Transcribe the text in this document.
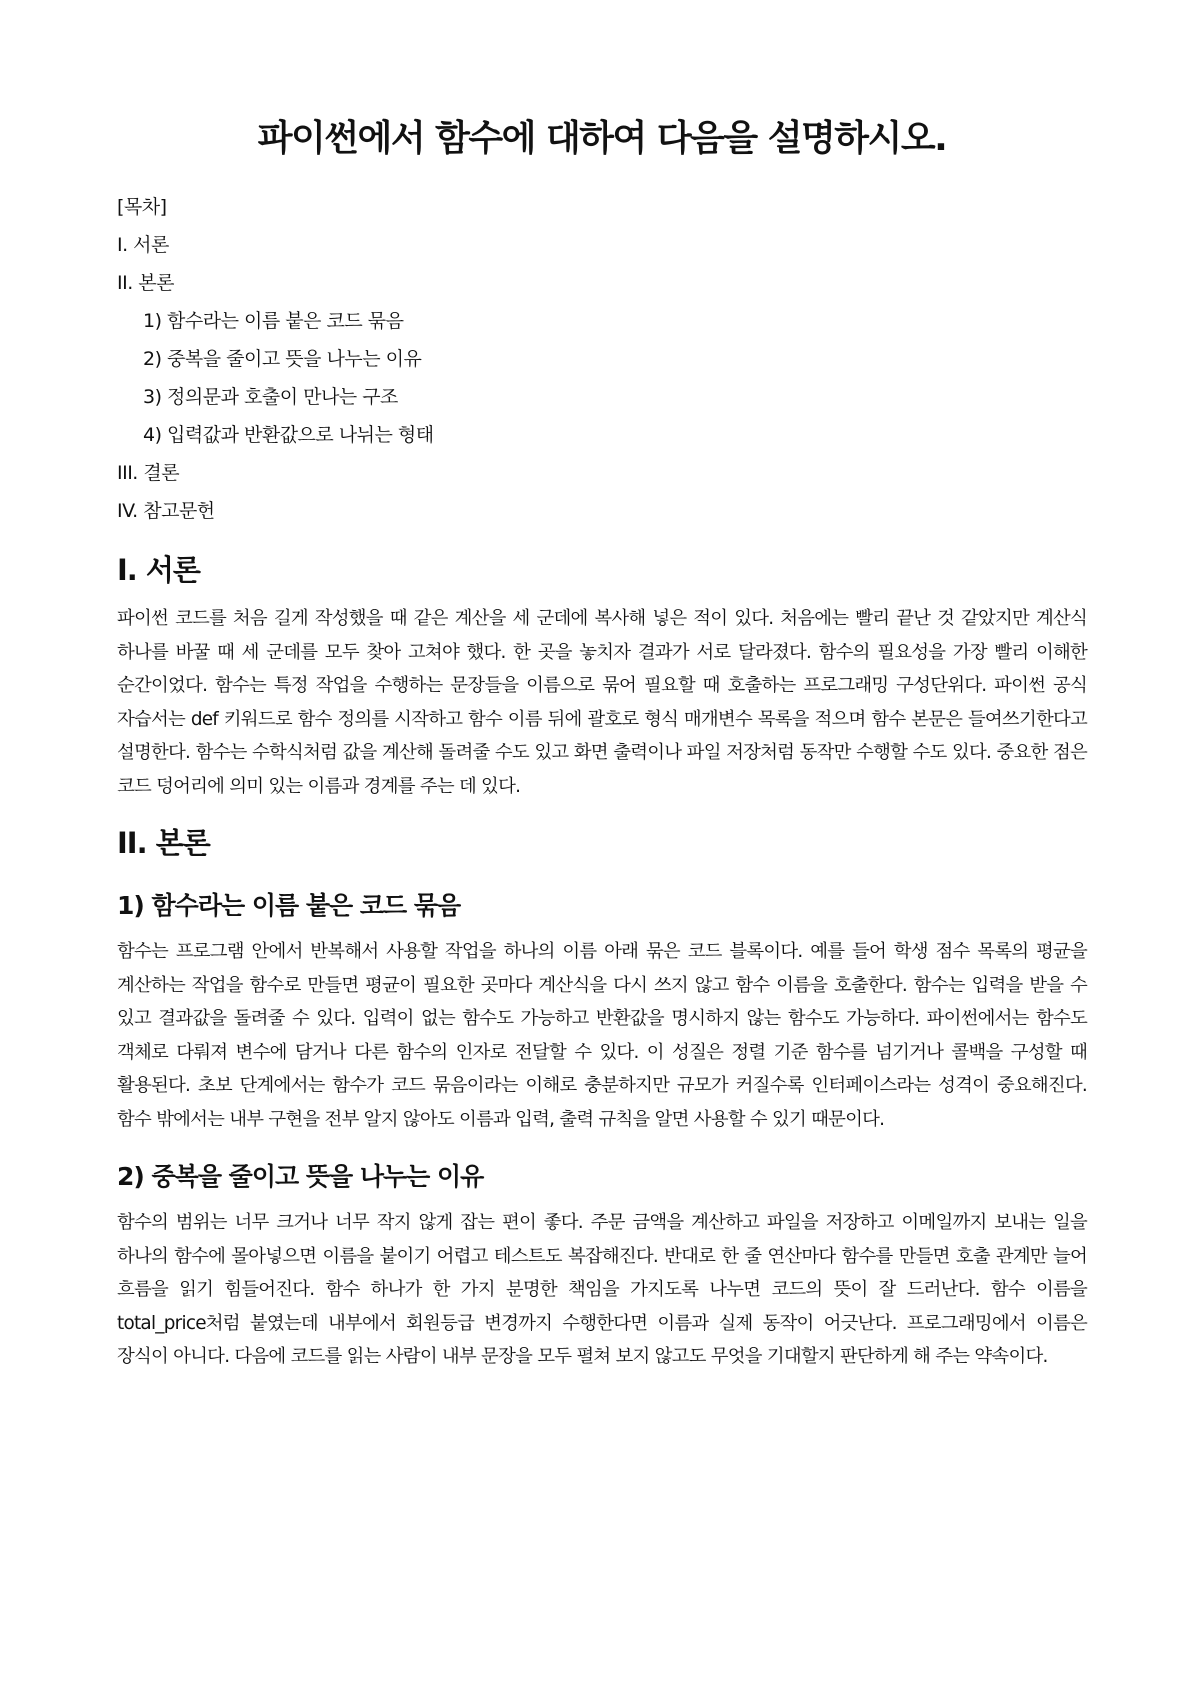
파이썬에서 함수에 대하여 다음을 설명하시오.
[목차]
I. 서론
II. 본론
1) 함수라는 이름 붙은 코드 묶음
2) 중복을 줄이고 뜻을 나누는 이유
3) 정의문과 호출이 만나는 구조
4) 입력값과 반환값으로 나뉘는 형태
III. 결론
IV. 참고문헌
I. 서론

파이썬 코드를 처음 길게 작성했을 때 같은 계산을 세 군데에 복사해 넣은 적이 있다. 처음에는 빨리 끝난 것 같았지만 계산식 하나를 바꿀 때 세 군데를 모두 찾아 고쳐야 했다. 한 곳을 놓치자 결과가 서로 달라졌다. 함수의 필요성을 가장 빨리 이해한 순간이었다. 함수는 특정 작업을 수행하는 문장들을 이름으로 묶어 필요할 때 호출하는 프로그래밍 구성단위다. 파이썬 공식 자습서는 def 키워드로 함수 정의를 시작하고 함수 이름 뒤에 괄호로 형식 매개변수 목록을 적으며 함수 본문은 들여쓰기한다고 설명한다. 함수는 수학식처럼 값을 계산해 돌려줄 수도 있고 화면 출력이나 파일 저장처럼 동작만 수행할 수도 있다. 중요한 점은 코드 덩어리에 의미 있는 이름과 경계를 주는 데 있다.

II. 본론
1) 함수라는 이름 붙은 코드 묶음

함수는 프로그램 안에서 반복해서 사용할 작업을 하나의 이름 아래 묶은 코드 블록이다. 예를 들어 학생 점수 목록의 평균을 계산하는 작업을 함수로 만들면 평균이 필요한 곳마다 계산식을 다시 쓰지 않고 함수 이름을 호출한다. 함수는 입력을 받을 수 있고 결과값을 돌려줄 수 있다. 입력이 없는 함수도 가능하고 반환값을 명시하지 않는 함수도 가능하다. 파이썬에서는 함수도 객체로 다뤄져 변수에 담거나 다른 함수의 인자로 전달할 수 있다. 이 성질은 정렬 기준 함수를 넘기거나 콜백을 구성할 때 활용된다. 초보 단계에서는 함수가 코드 묶음이라는 이해로 충분하지만 규모가 커질수록 인터페이스라는 성격이 중요해진다. 함수 밖에서는 내부 구현을 전부 알지 않아도 이름과 입력, 출력 규칙을 알면 사용할 수 있기 때문이다.

2) 중복을 줄이고 뜻을 나누는 이유

함수의 범위는 너무 크거나 너무 작지 않게 잡는 편이 좋다. 주문 금액을 계산하고 파일을 저장하고 이메일까지 보내는 일을 하나의 함수에 몰아넣으면 이름을 붙이기 어렵고 테스트도 복잡해진다. 반대로 한 줄 연산마다 함수를 만들면 호출 관계만 늘어 흐름을 읽기 힘들어진다. 함수 하나가 한 가지 분명한 책임을 가지도록 나누면 코드의 뜻이 잘 드러난다. 함수 이름을 total_price처럼 붙였는데 내부에서 회원등급 변경까지 수행한다면 이름과 실제 동작이 어긋난다. 프로그래밍에서 이름은 장식이 아니다. 다음에 코드를 읽는 사람이 내부 문장을 모두 펼쳐 보지 않고도 무엇을 기대할지 판단하게 해 주는 약속이다.
